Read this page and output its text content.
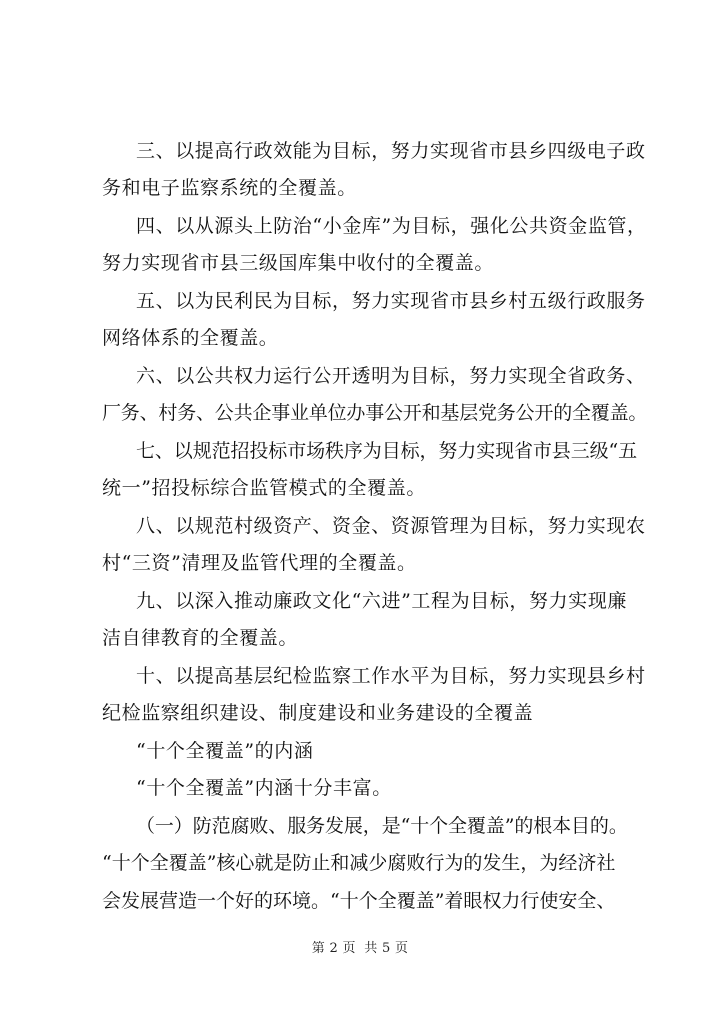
三、以提高行政效能为目标，努力实现省市县乡四级电子政
务和电子监察系统的全覆盖。
四、以从源头上防治“小金库”为目标，强化公共资金监管，
努力实现省市县三级国库集中收付的全覆盖。
五、以为民利民为目标，努力实现省市县乡村五级行政服务
网络体系的全覆盖。
六、以公共权力运行公开透明为目标，努力实现全省政务、
厂务、村务、公共企事业单位办事公开和基层党务公开的全覆盖。
七、以规范招投标市场秩序为目标，努力实现省市县三级“五
统一”招投标综合监管模式的全覆盖。
八、以规范村级资产、资金、资源管理为目标，努力实现农
村“三资”清理及监管代理的全覆盖。
九、以深入推动廉政文化“六进”工程为目标，努力实现廉
洁自律教育的全覆盖。
十、以提高基层纪检监察工作水平为目标，努力实现县乡村
纪检监察组织建设、制度建设和业务建设的全覆盖
“十个全覆盖”的内涵
“十个全覆盖”内涵十分丰富。
（一）防范腐败、服务发展，是“十个全覆盖”的根本目的。
“十个全覆盖”核心就是防止和减少腐败行为的发生，为经济社
会发展营造一个好的环境。“十个全覆盖”着眼权力行使安全、
第 2 页 共 5 页
